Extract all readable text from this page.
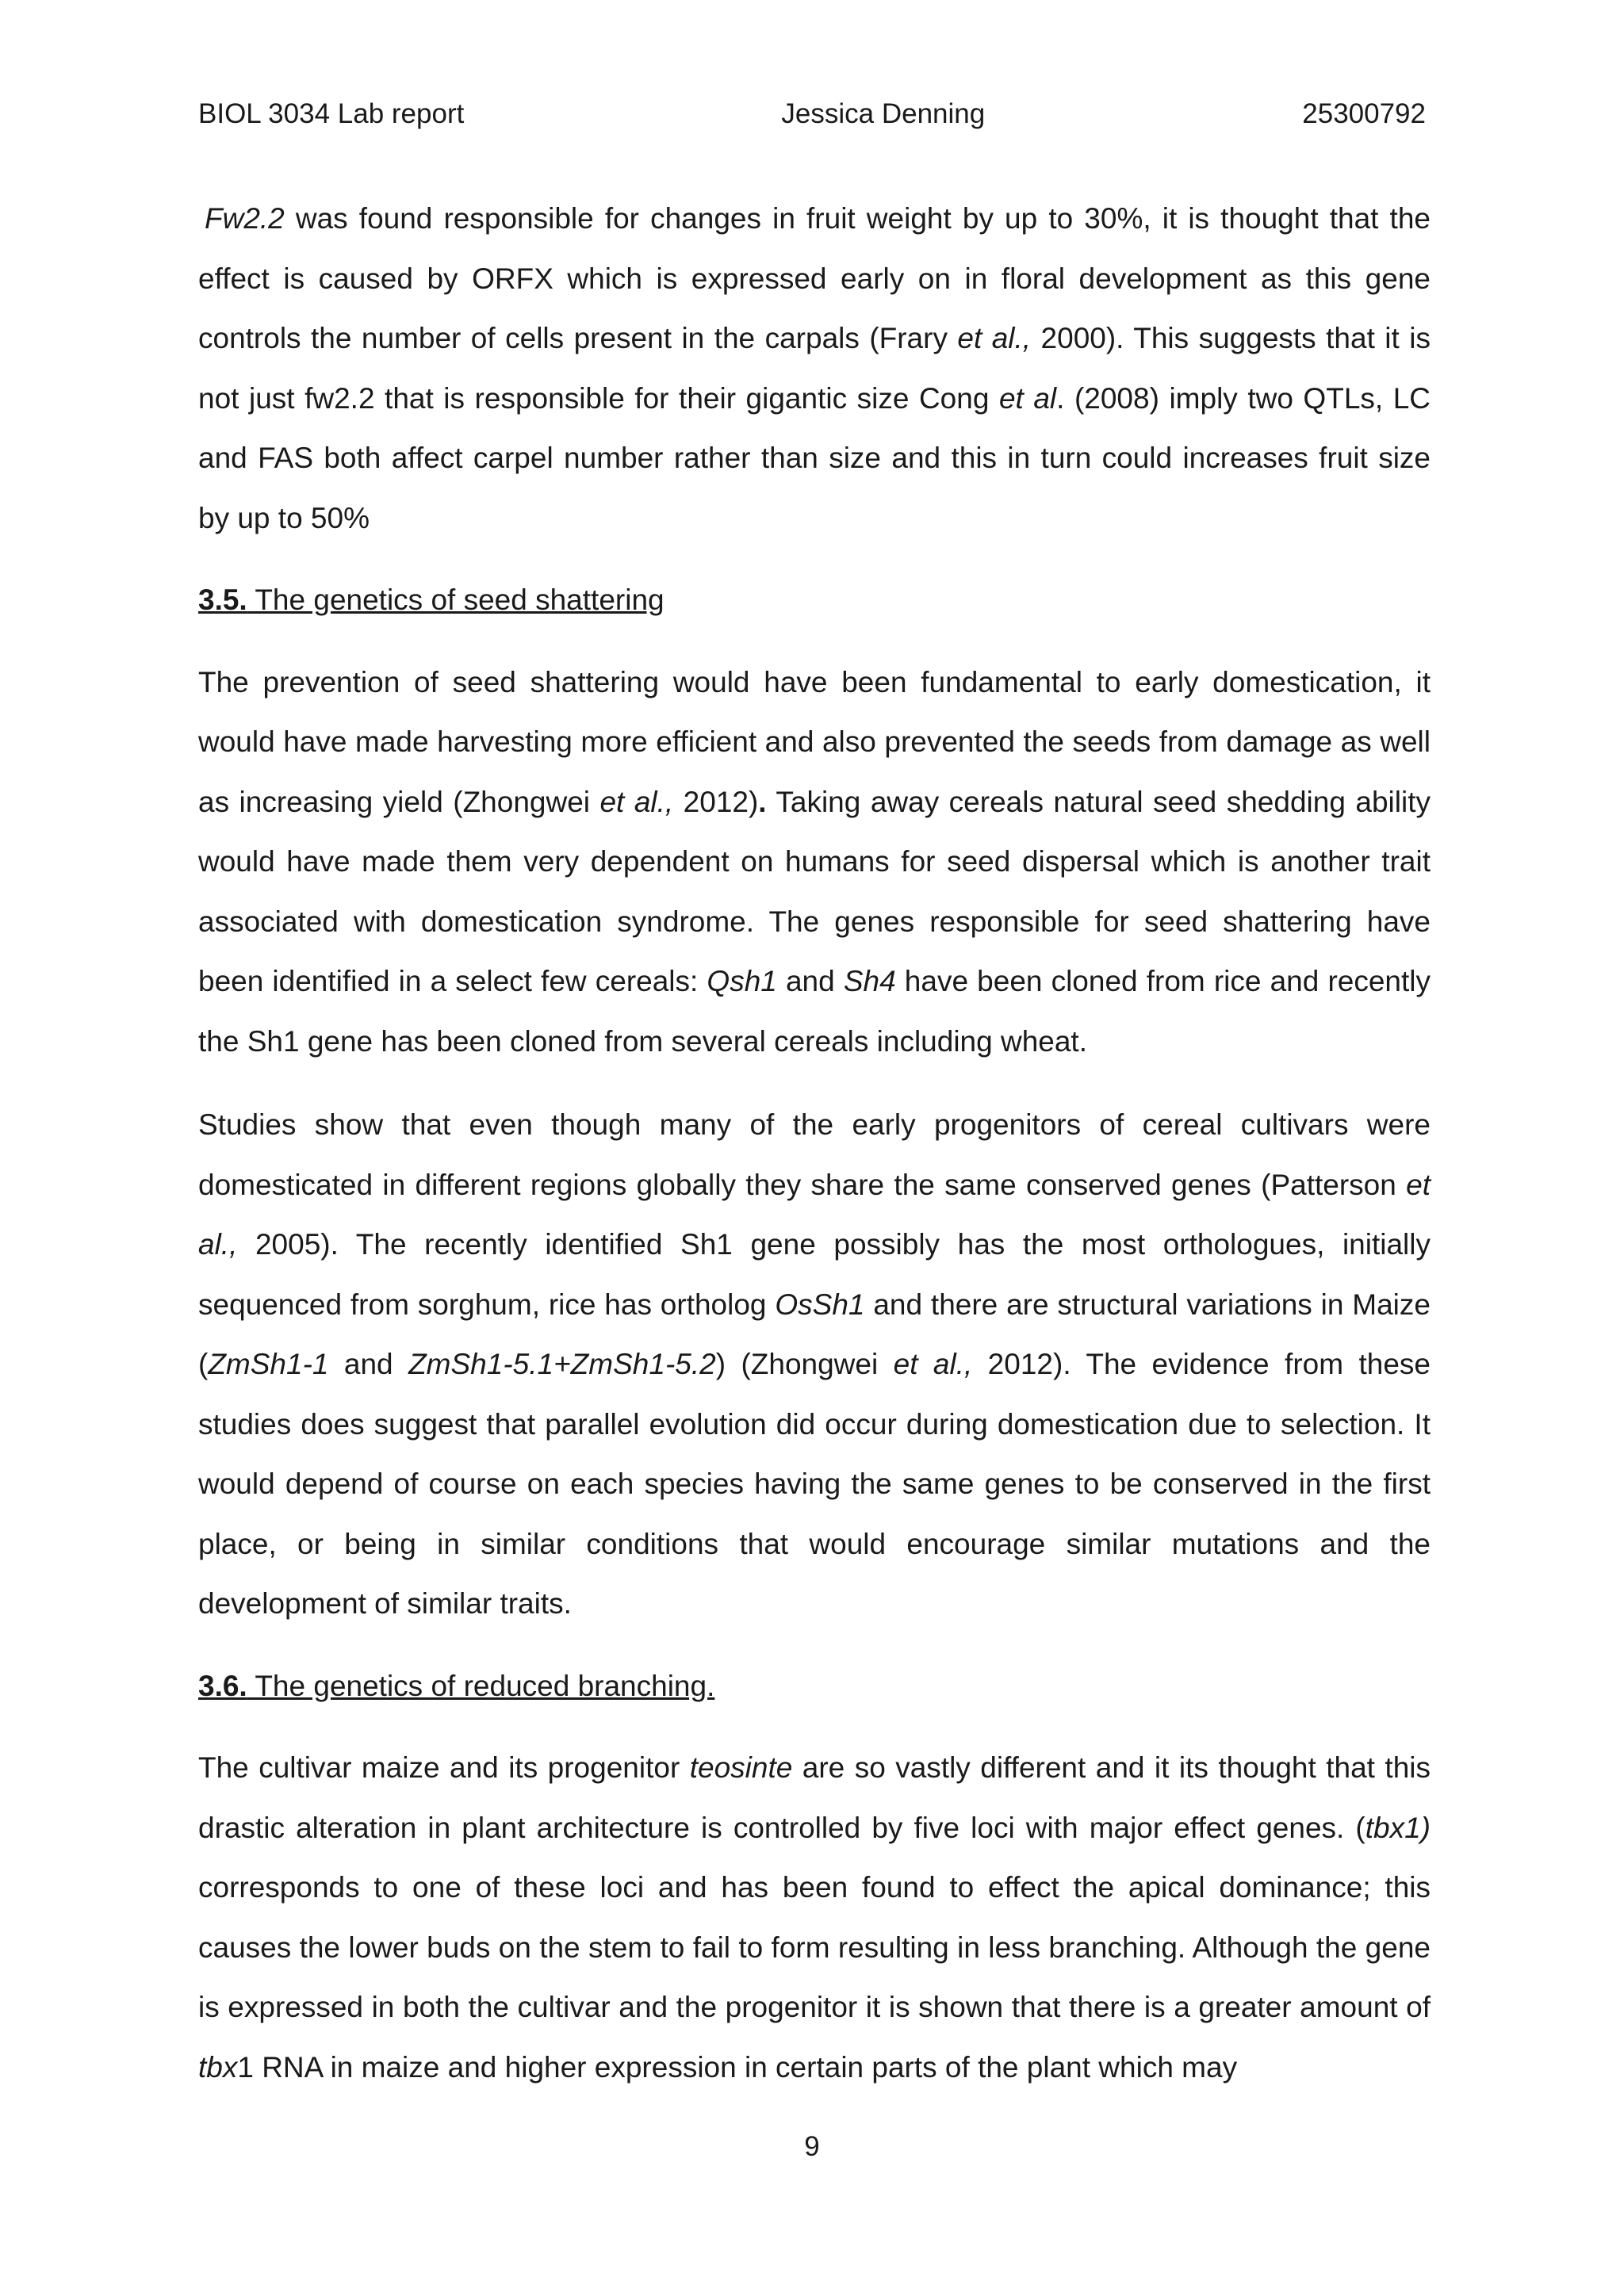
BIOL 3034 Lab report	Jessica Denning	25300792

Fw2.2 was found responsible for changes in fruit weight by up to 30%, it is thought that the effect is caused by ORFX which is expressed early on in floral development as this gene controls the number of cells present in the carpals (Frary et al., 2000). This suggests that it is not just fw2.2 that is responsible for their gigantic size Cong et al. (2008) imply two QTLs, LC and FAS both affect carpel number rather than size and this in turn could increases fruit size by up to 50%

3.5. The genetics of seed shattering

The prevention of seed shattering would have been fundamental to early domestication, it would have made harvesting more efficient and also prevented the seeds from damage as well as increasing yield (Zhongwei et al., 2012). Taking away cereals natural seed shedding ability would have made them very dependent on humans for seed dispersal which is another trait associated with domestication syndrome. The genes responsible for seed shattering have been identified in a select few cereals: Qsh1 and Sh4 have been cloned from rice and recently the Sh1 gene has been cloned from several cereals including wheat.

Studies show that even though many of the early progenitors of cereal cultivars were domesticated in different regions globally they share the same conserved genes (Patterson et al., 2005). The recently identified Sh1 gene possibly has the most orthologues, initially sequenced from sorghum, rice has ortholog OsSh1 and there are structural variations in Maize (ZmSh1-1 and ZmSh1-5.1+ZmSh1-5.2) (Zhongwei et al., 2012). The evidence from these studies does suggest that parallel evolution did occur during domestication due to selection. It would depend of course on each species having the same genes to be conserved in the first place, or being in similar conditions that would encourage similar mutations and the development of similar traits.

3.6. The genetics of reduced branching.

The cultivar maize and its progenitor teosinte are so vastly different and it its thought that this drastic alteration in plant architecture is controlled by five loci with major effect genes. (tbx1) corresponds to one of these loci and has been found to effect the apical dominance; this causes the lower buds on the stem to fail to form resulting in less branching. Although the gene is expressed in both the cultivar and the progenitor it is shown that there is a greater amount of tbx1 RNA in maize and higher expression in certain parts of the plant which may

9
